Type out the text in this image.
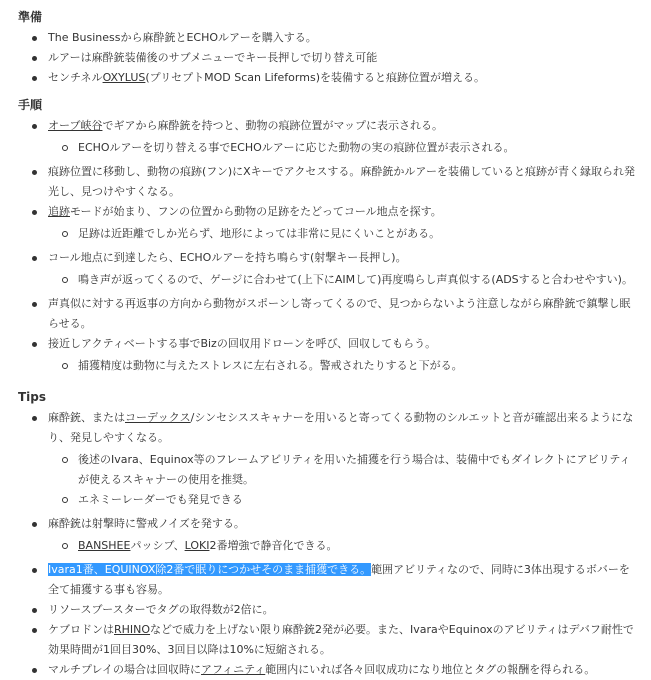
準備
The Businessから麻酔銃とECHOルアーを購入する。
ルアーは麻酔銃装備後のサブメニューでキー長押しで切り替え可能
センチネルOXYLUS(プリセプトMOD Scan Lifeforms)を装備すると痕跡位置が増える。
手順
オーブ峡谷でギアから麻酔銃を持つと、動物の痕跡位置がマップに表示される。
ECHOルアーを切り替える事でECHOルアーに応じた動物の実の痕跡位置が表示される。
痕跡位置に移動し、動物の痕跡(フン)にXキーでアクセスする。麻酔銃かルアーを装備していると痕跡が青く縁取られ発光し、見つけやすくなる。
追跡モードが始まり、フンの位置から動物の足跡をたどってコール地点を探す。
足跡は近距離でしか光らず、地形によっては非常に見にくいことがある。
コール地点に到達したら、ECHOルアーを持ち鳴らす(射撃キー長押し)。
鳴き声が返ってくるので、ゲージに合わせて(上下にAIMして)再度鳴らし声真似する(ADSすると合わせやすい)。
声真似に対する再返事の方向から動物がスポーンし寄ってくるので、見つからないよう注意しながら麻酔銃で鎮撃し眠らせる。
接近しアクティベートする事でBizの回収用ドローンを呼び、回収してもらう。
捕獲精度は動物に与えたストレスに左右される。警戒されたりすると下がる。
Tips
麻酔銃、またはコーデックス/シンセシススキャナーを用いると寄ってくる動物のシルエットと音が確認出来るようになり、発見しやすくなる。
後述のIvara、Equinox等のフレームアビリティを用いた捕獲を行う場合は、装備中でもダイレクトにアビリティが使えるスキャナーの使用を推奨。
エネミーレーダーでも発見できる
麻酔銃は射撃時に警戒ノイズを発する。
BANSHEEパッシブ、LOKI2番増強で静音化できる。
Ivara1番、EQUINOX除2番で眠りにつかせそのまま捕獲できる。範囲アビリティなので、同時に3体出現するボバーを全て捕獲する事も容易。
リソースブースターでタグの取得数が2倍に。
ケブロドンはRHINOなどで威力を上げない限り麻酔銃2発が必要。また、IvaraやEquinoxのアビリティはデバフ耐性で効果時間が1回目30%、3回目以降は10%に短縮される。
マルチプレイの場合は回収時にアフィニティ範囲内にいれば各々回収成功になり地位とタグの報酬を得られる。
